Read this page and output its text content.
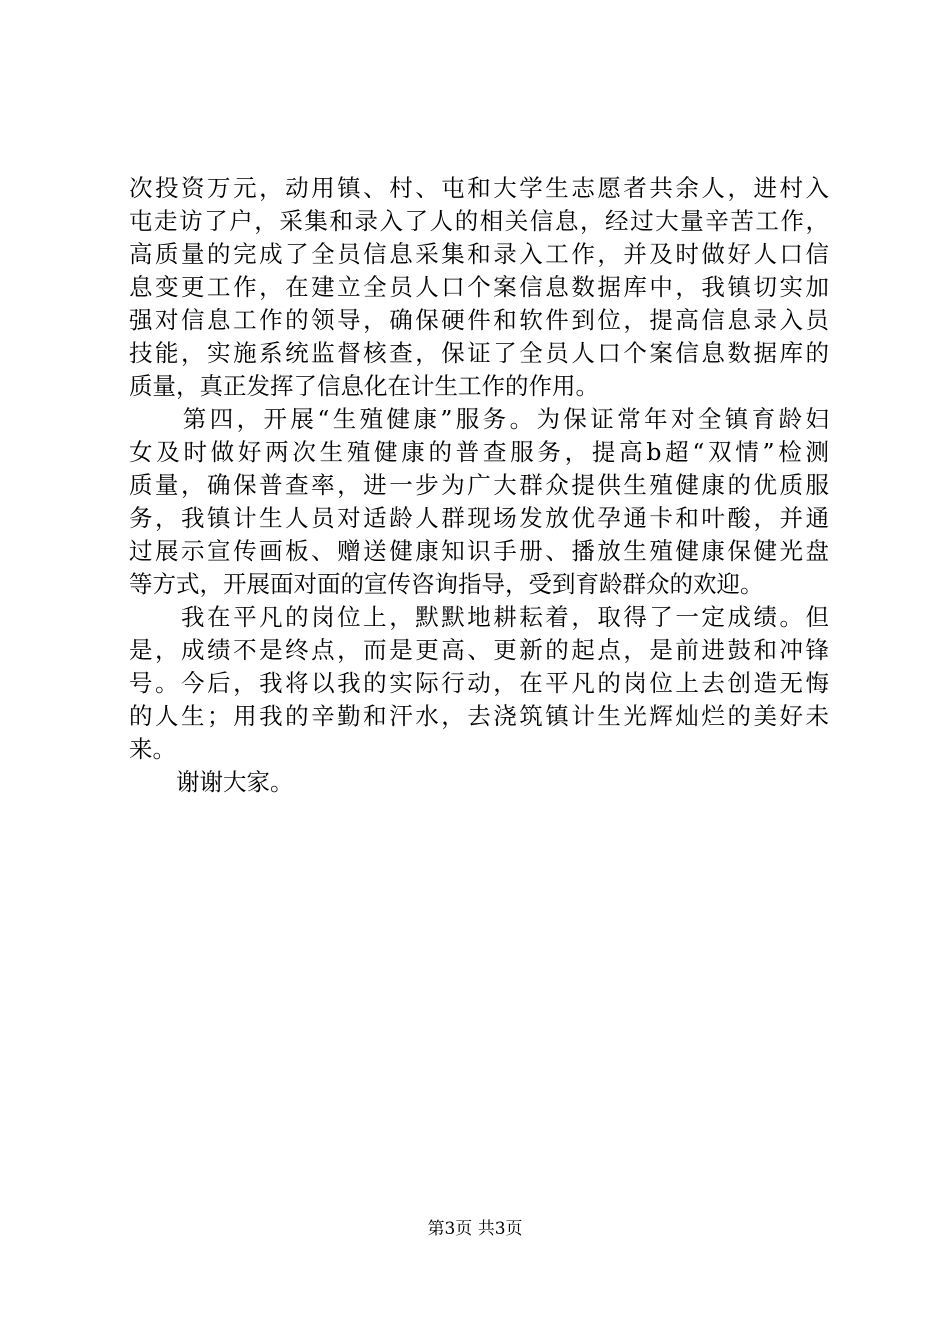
次投资万元，动用镇、村、屯和大学生志愿者共余人，进村入
屯走访了户，采集和录入了人的相关信息，经过大量辛苦工作，
高质量的完成了全员信息采集和录入工作，并及时做好人口信
息变更工作，在建立全员人口个案信息数据库中，我镇切实加
强对信息工作的领导，确保硬件和软件到位，提高信息录入员
技能，实施系统监督核查，保证了全员人口个案信息数据库的
质量，真正发挥了信息化在计生工作的作用。
　　第四，开展“生殖健康”服务。为保证常年对全镇育龄妇
女及时做好两次生殖健康的普查服务，提高b超“双情”检测
质量，确保普查率，进一步为广大群众提供生殖健康的优质服
务，我镇计生人员对适龄人群现场发放优孕通卡和叶酸，并通
过展示宣传画板、赠送健康知识手册、播放生殖健康保健光盘
等方式，开展面对面的宣传咨询指导，受到育龄群众的欢迎。
　　我在平凡的岗位上，默默地耕耘着，取得了一定成绩。但
是，成绩不是终点，而是更高、更新的起点，是前进鼓和冲锋
号。今后，我将以我的实际行动，在平凡的岗位上去创造无悔
的人生；用我的辛勤和汗水，去浇筑镇计生光辉灿烂的美好未
来。
　　谢谢大家。
第3页 共3页
